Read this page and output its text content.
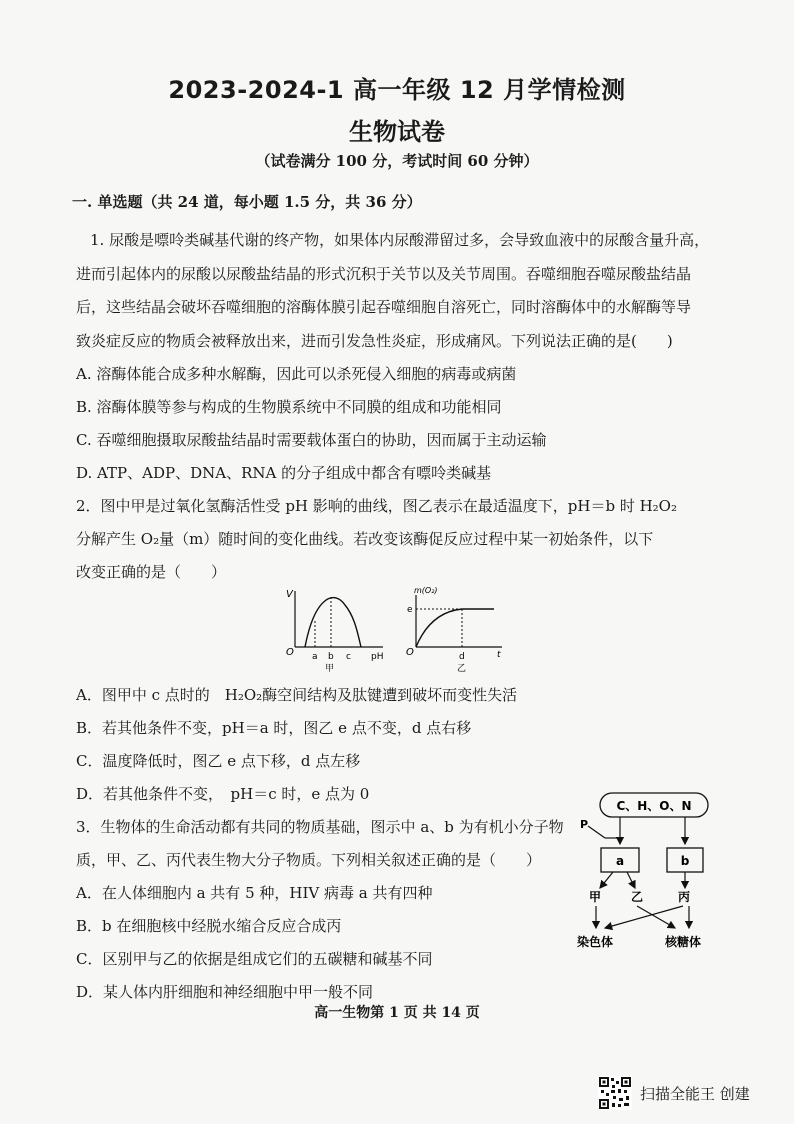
2023-2024-1 高一年级 12 月学情检测
生物试卷
（试卷满分 100 分，考试时间 60 分钟）
一. 单选题（共 24 道，每小题 1.5 分，共 36 分）
1. 尿酸是嘌呤类碱基代谢的终产物，如果体内尿酸滞留过多，会导致血液中的尿酸含量升高，
进而引起体内的尿酸以尿酸盐结晶的形式沉积于关节以及关节周围。吞噬细胞吞噬尿酸盐结晶
后，这些结晶会破坏吞噬细胞的溶酶体膜引起吞噬细胞自溶死亡，同时溶酶体中的水解酶等导
致炎症反应的物质会被释放出来，进而引发急性炎症，形成痛风。下列说法正确的是(　　)
A. 溶酶体能合成多种水解酶，因此可以杀死侵入细胞的病毒或病菌
B. 溶酶体膜等参与构成的生物膜系统中不同膜的组成和功能相同
C. 吞噬细胞摄取尿酸盐结晶时需要载体蛋白的协助，因而属于主动运输
D. ATP、ADP、DNA、RNA 的分子组成中都含有嘌呤类碱基
2．图中甲是过氧化氢酶活性受 pH 影响的曲线，图乙表示在最适温度下，pH＝b 时 H₂O₂
分解产生 O₂量（m）随时间的变化曲线。若改变该酶促反应过程中某一初始条件，以下
改变正确的是（　　）
V
O a b c pH
甲
m(O₂)
e
O	d	t
乙
A．图甲中 c 点时的　H₂O₂酶空间结构及肽键遭到破坏而变性失活
B．若其他条件不变，pH＝a 时，图乙 e 点不变，d 点右移
C．温度降低时，图乙 e 点下移，d 点左移
D．若其他条件不变，　pH＝c 时，e 点为 0
3．生物体的生命活动都有共同的物质基础，图示中 a、b 为有机小分子物
质，甲、乙、丙代表生物大分子物质。下列相关叙述正确的是（　　）
A．在人体细胞内 a 共有 5 种，HIV 病毒 a 共有四种
B．b 在细胞核中经脱水缩合反应合成丙
C．区别甲与乙的依据是组成它们的五碳糖和碱基不同
D．某人体内肝细胞和神经细胞中甲一般不同
C、H、O、N
P
a	b
甲 乙	丙
染色体	核糖体
高一生物第 1 页 共 14 页
扫描全能王 创建
